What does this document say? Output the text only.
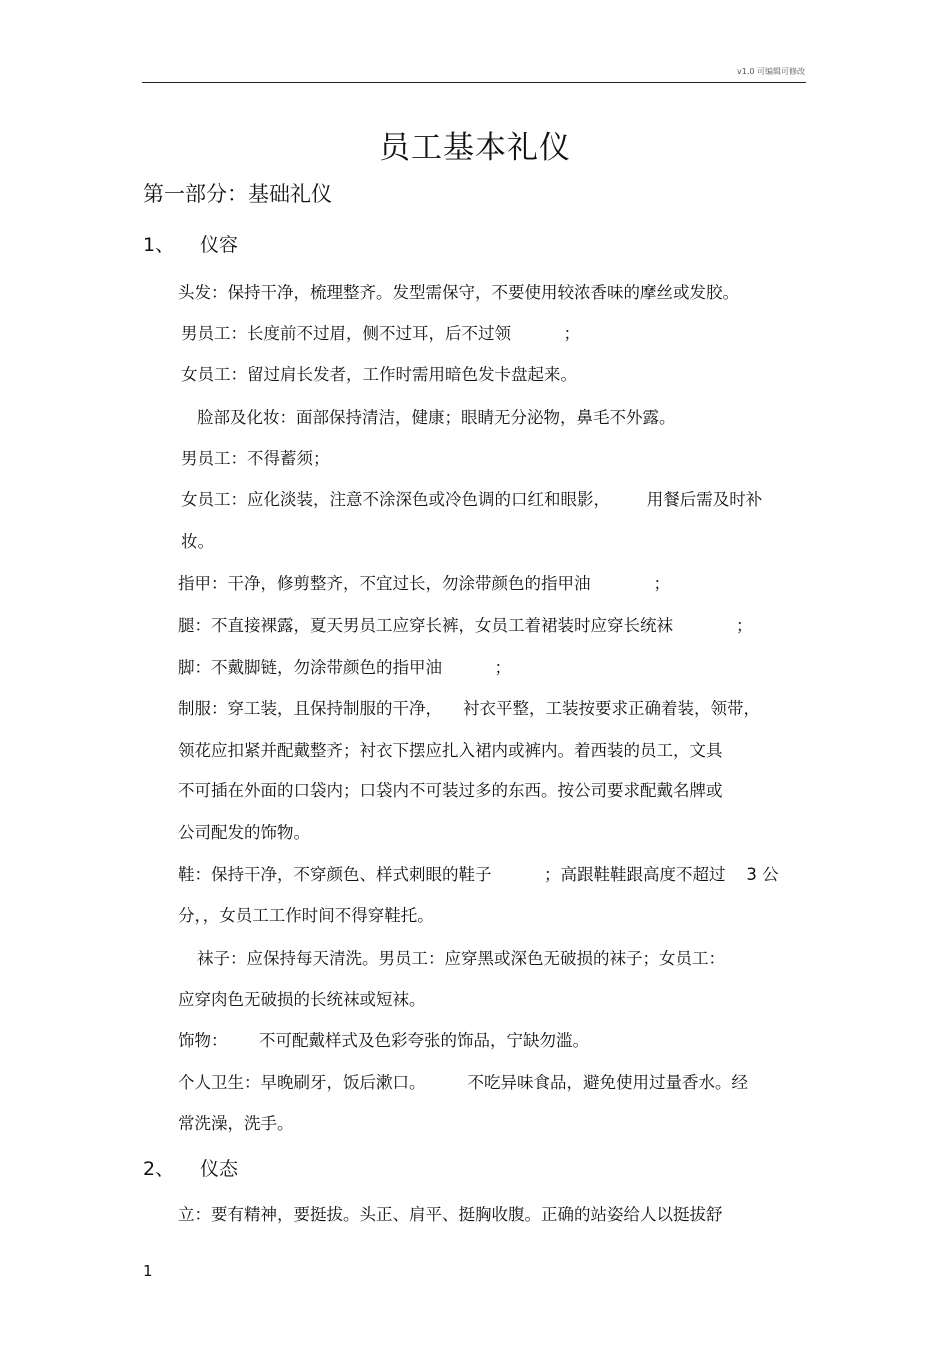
v1.0 可编辑可修改
员工基本礼仪
第一部分：基础礼仪
1、 仪容
头发：保持干净，梳理整齐。发型需保守，不要使用较浓香味的摩丝或发胶。
男员工：长度前不过眉，侧不过耳，后不过领          ；
女员工：留过肩长发者，工作时需用暗色发卡盘起来。
脸部及化妆：面部保持清洁，健康；眼睛无分泌物，鼻毛不外露。
男员工：不得蓄须；
女员工：应化淡装，注意不涂深色或冷色调的口红和眼影，       用餐后需及时补
妆。
指甲：干净，修剪整齐，不宜过长，勿涂带颜色的指甲油            ；
腿：不直接裸露，夏天男员工应穿长裤，女员工着裙装时应穿长统袜            ；
脚：不戴脚链，勿涂带颜色的指甲油          ；
制服：穿工装，且保持制服的干净，    衬衣平整，工装按要求正确着装，领带，
领花应扣紧并配戴整齐；衬衣下摆应扎入裙内或裤内。着西装的员工，文具
不可插在外面的口袋内；口袋内不可装过多的东西。按公司要求配戴名牌或
公司配发的饰物。
鞋：保持干净，不穿颜色、样式刺眼的鞋子          ；高跟鞋鞋跟高度不超过    3 公
分，，女员工工作时间不得穿鞋托。
袜子：应保持每天清洗。男员工：应穿黑或深色无破损的袜子；女员工：
应穿肉色无破损的长统袜或短袜。
饰物：      不可配戴样式及色彩夸张的饰品，宁缺勿滥。
个人卫生：早晚刷牙，饭后漱口。        不吃异味食品，避免使用过量香水。经
常洗澡，洗手。
2、 仪态
立：要有精神，要挺拔。头正、肩平、挺胸收腹。正确的站姿给人以挺拔舒
1
